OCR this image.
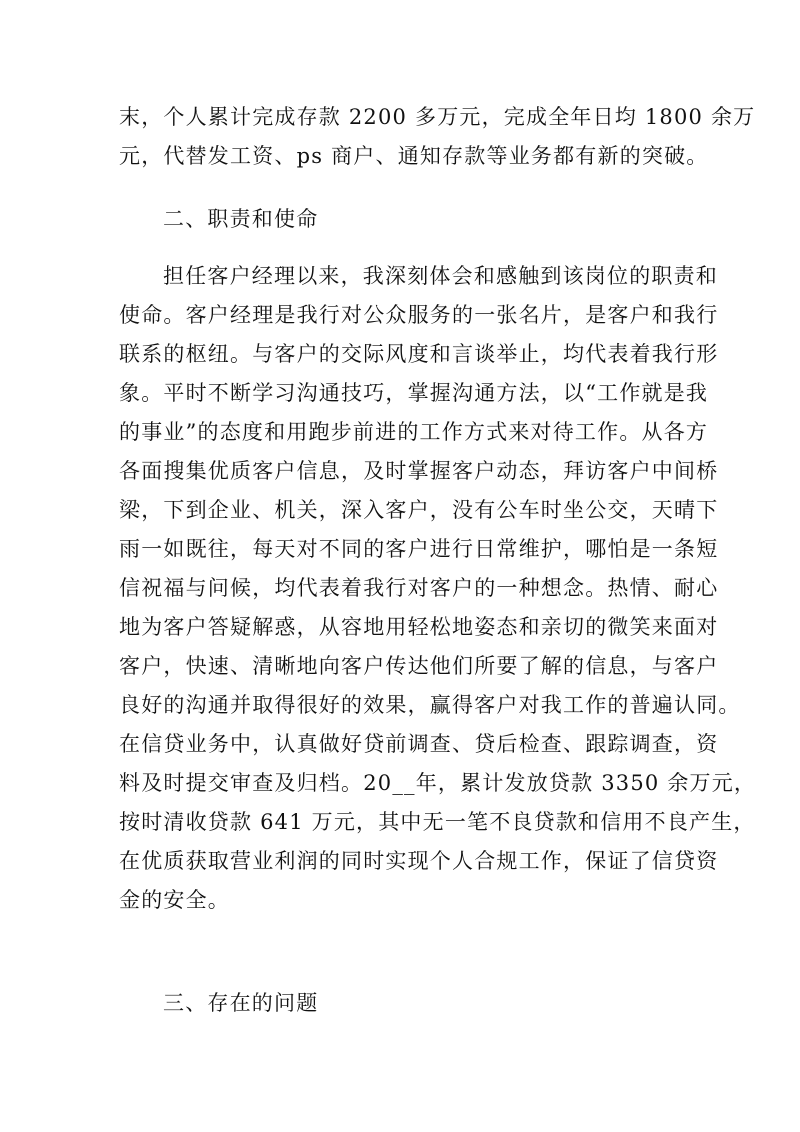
末，个人累计完成存款 2200 多万元，完成全年日均 1800 余万
元，代替发工资、ps 商户、通知存款等业务都有新的突破。
二、职责和使命
担任客户经理以来，我深刻体会和感触到该岗位的职责和
使命。客户经理是我行对公众服务的一张名片，是客户和我行
联系的枢纽。与客户的交际风度和言谈举止，均代表着我行形
象。平时不断学习沟通技巧，掌握沟通方法，以“工作就是我
的事业”的态度和用跑步前进的工作方式来对待工作。从各方
各面搜集优质客户信息，及时掌握客户动态，拜访客户中间桥
梁，下到企业、机关，深入客户，没有公车时坐公交，天晴下
雨一如既往，每天对不同的客户进行日常维护，哪怕是一条短
信祝福与问候，均代表着我行对客户的一种想念。热情、耐心
地为客户答疑解惑，从容地用轻松地姿态和亲切的微笑来面对
客户，快速、清晰地向客户传达他们所要了解的信息，与客户
良好的沟通并取得很好的效果，赢得客户对我工作的普遍认同。
在信贷业务中，认真做好贷前调查、贷后检查、跟踪调查，资
料及时提交审查及归档。20__年，累计发放贷款 3350 余万元，
按时清收贷款 641 万元，其中无一笔不良贷款和信用不良产生，
在优质获取营业利润的同时实现个人合规工作，保证了信贷资
金的安全。
三、存在的问题
